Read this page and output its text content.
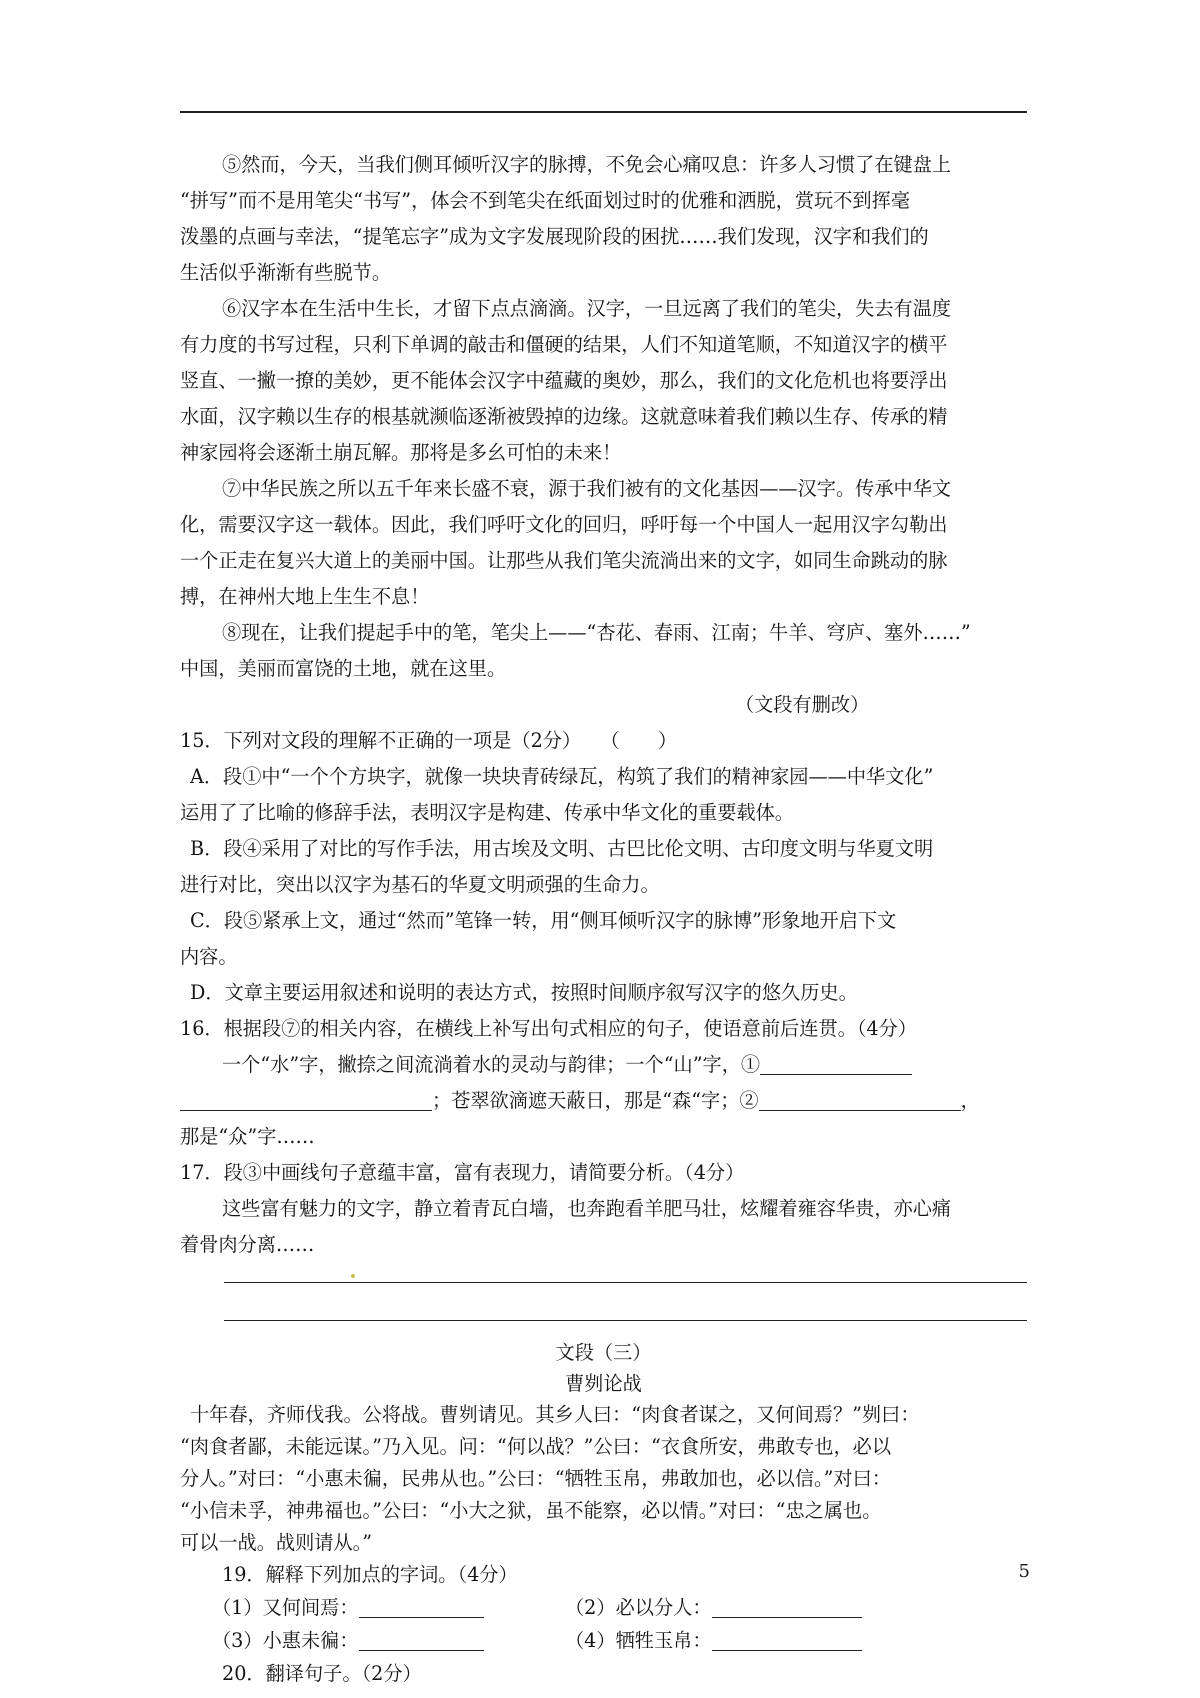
⑤然而，今天，当我们侧耳倾听汉字的脉搏，不免会心痛叹息：许多人习惯了在键盘上
“拼写”而不是用笔尖“书写”，体会不到笔尖在纸面划过时的优雅和洒脱，赏玩不到挥毫
泼墨的点画与幸法，“提笔忘字”成为文字发展现阶段的困扰……我们发现，汉字和我们的
生活似乎渐渐有些脱节。
⑥汉字本在生活中生长，才留下点点滴滴。汉字，一旦远离了我们的笔尖，失去有温度
有力度的书写过程，只利下单调的敲击和僵硬的结果，人们不知道笔顺，不知道汉字的横平
竖直、一撇一撩的美妙，更不能体会汉字中蕴藏的奥妙，那么，我们的文化危机也将要浮出
水面，汉字赖以生存的根基就濒临逐渐被毁掉的边缘。这就意味着我们赖以生存、传承的精
神家园将会逐渐土崩瓦解。那将是多幺可怕的未来！
⑦中华民族之所以五千年来长盛不衰，源于我们被有的文化基因——汉字。传承中华文
化，需要汉字这一载体。因此，我们呼吁文化的回归，呼吁每一个中国人一起用汉字勾勒出
一个正走在复兴大道上的美丽中国。让那些从我们笔尖流淌出来的文字，如同生命跳动的脉
搏，在神州大地上生生不息！
⑧现在，让我们提起手中的笔，笔尖上——“杏花、春雨、江南；牛羊、穹庐、塞外……”
中国，美丽而富饶的土地，就在这里。
（文段有删改）
15．下列对文段的理解不正确的一项是（2分）　　（　　）
A．段①中“一个个方块字，就像一块块青砖绿瓦，构筑了我们的精神家园——中华文化”
运用了了比喻的修辞手法，表明汉字是构建、传承中华文化的重要载体。
B．段④采用了对比的写作手法，用古埃及文明、古巴比伦文明、古印度文明与华夏文明
进行对比，突出以汉字为基石的华夏文明顽强的生命力。
C．段⑤紧承上文，通过“然而”笔锋一转，用“侧耳倾听汉字的脉博”形象地开启下文
内容。
D．文章主要运用叙述和说明的表达方式，按照时间顺序叙写汉字的悠久历史。
16．根据段⑦的相关内容，在横线上补写出句式相应的句子，使语意前后连贯。（4分）
一个“水”字，撇捺之间流淌着水的灵动与韵律；一个“山”字，①
；苍翠欲滴遮天蔽日，那是“森“字；②	，
那是“众”字……
17．段③中画线句子意蕴丰富，富有表现力，请简要分析。（4分）
这些富有魅力的文字，静立着青瓦白墙，也奔跑看羊肥马壮，炫耀着雍容华贵，亦心痛
着骨肉分离……
文段（三）
曹刿论战
十年春，齐师伐我。公将战。曹刿请见。其乡人曰：“肉食者谋之，又何间焉？”刿曰：
“肉食者鄙，未能远谋。”乃入见。问：“何以战？”公曰：“衣食所安，弗敢专也，必以
分人。”对曰：“小惠未徧，民弗从也。”公曰：“牺牲玉帛，弗敢加也，必以信。”对曰：
“小信未孚，神弗福也。”公曰：“小大之狱，虽不能察，必以情。”对曰：“忠之属也。
可以一战。战则请从。”
19．解释下列加点的字词。（4分）
（1）又何间焉：	（2）必以分人：
（3）小惠未徧：	（4）牺牲玉帛：
20．翻译句子。（2分）
5
